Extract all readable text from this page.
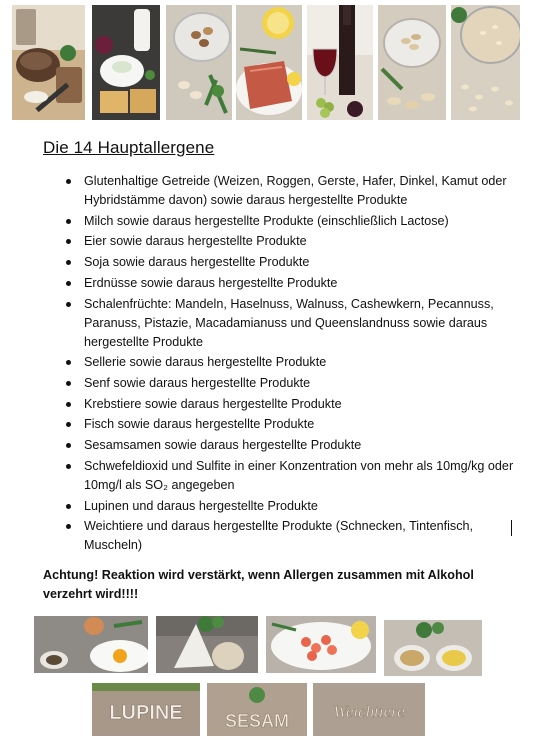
Die 14 Hauptallergene
Glutenhaltige Getreide (Weizen, Roggen, Gerste, Hafer, Dinkel, Kamut oder Hybridstämme davon) sowie daraus hergestellte Produkte
Milch sowie daraus hergestellte Produkte (einschließlich Lactose)
Eier sowie daraus hergestellte Produkte
Soja sowie daraus hergestellte Produkte
Erdnüsse sowie daraus hergestellte Produkte
Schalenfrüchte: Mandeln, Haselnuss, Walnuss, Cashewkern, Pecannuss, Paranuss, Pistazie, Macadamianuss und Queenslandnuss sowie daraus hergestellte Produkte
Sellerie sowie daraus hergestellte Produkte
Senf sowie daraus hergestellte Produkte
Krebstiere sowie daraus hergestellte Produkte
Fisch sowie daraus hergestellte Produkte
Sesamsamen sowie daraus hergestellte Produkte
Schwefeldioxid und Sulfite in einer Konzentration von mehr als 10mg/kg oder 10mg/l als SO₂ angegeben
Lupinen und daraus hergestellte Produkte
Weichtiere und daraus hergestellte Produkte (Schnecken, Tintenfisch, Muscheln)

Achtung! Reaktion wird verstärkt, wenn Allergen zusammen mit Alkohol verzehrt wird!!!!

LUPINE SESAM	Weichtiere
